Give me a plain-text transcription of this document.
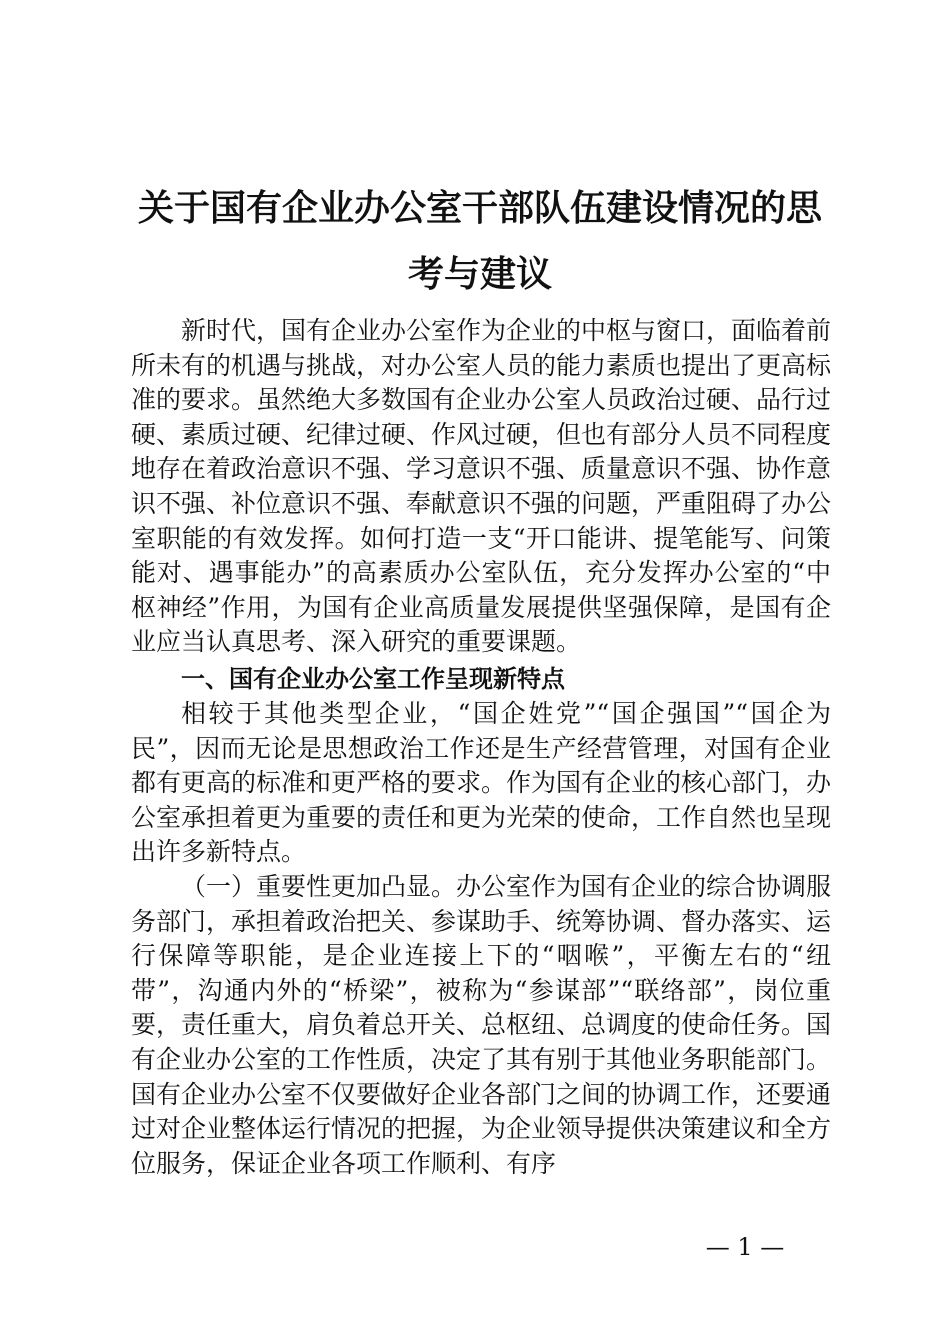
关于国有企业办公室干部队伍建设情况的思
考与建议

新时代，国有企业办公室作为企业的中枢与窗口，面临着前所未有的机遇与挑战，对办公室人员的能力素质也提出了更高标准的要求。虽然绝大多数国有企业办公室人员政治过硬、品行过硬、素质过硬、纪律过硬、作风过硬，但也有部分人员不同程度地存在着政治意识不强、学习意识不强、质量意识不强、协作意识不强、补位意识不强、奉献意识不强的问题，严重阻碍了办公室职能的有效发挥。如何打造一支“开口能讲、提笔能写、问策能对、遇事能办”的高素质办公室队伍，充分发挥办公室的“中枢神经”作用，为国有企业高质量发展提供坚强保障，是国有企业应当认真思考、深入研究的重要课题。

一、国有企业办公室工作呈现新特点

相较于其他类型企业，“国企姓党”“国企强国”“国企为民”，因而无论是思想政治工作还是生产经营管理，对国有企业都有更高的标准和更严格的要求。作为国有企业的核心部门，办公室承担着更为重要的责任和更为光荣的使命，工作自然也呈现出许多新特点。

（一）重要性更加凸显。办公室作为国有企业的综合协调服务部门，承担着政治把关、参谋助手、统筹协调、督办落实、运行保障等职能，是企业连接上下的“咽喉”，平衡左右的“纽带”，沟通内外的“桥梁”，被称为“参谋部”“联络部”，岗位重要，责任重大，肩负着总开关、总枢纽、总调度的使命任务。国有企业办公室的工作性质，决定了其有别于其他业务职能部门。国有企业办公室不仅要做好企业各部门之间的协调工作，还要通过对企业整体运行情况的把握，为企业领导提供决策建议和全方位服务，保证企业各项工作顺利、有序

— 1 —
